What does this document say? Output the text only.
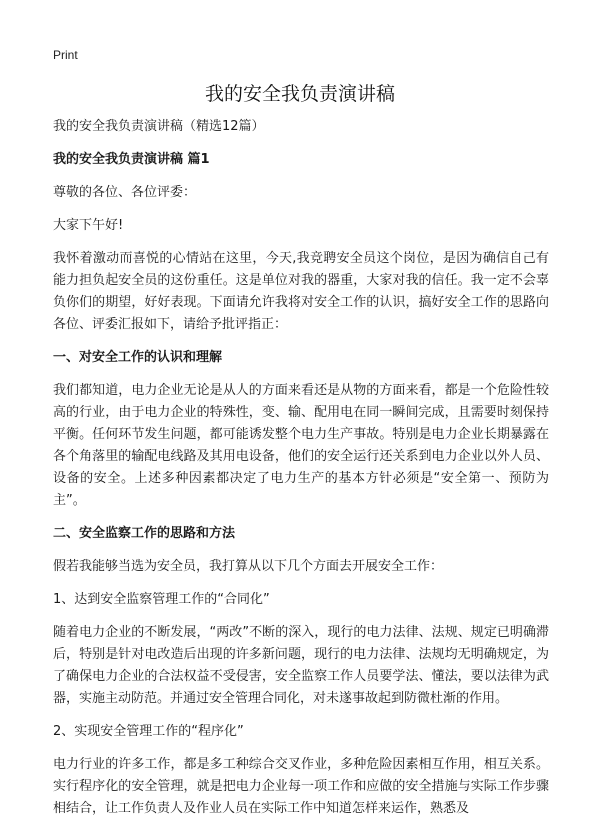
Print
我的安全我负责演讲稿

我的安全我负责演讲稿（精选12篇）

我的安全我负责演讲稿 篇1

尊敬的各位、各位评委：

大家下午好!

我怀着激动而喜悦的心情站在这里，今天,我竞聘安全员这个岗位，是因为确信自己有能力担负起安全员的这份重任。这是单位对我的器重，大家对我的信任。我一定不会辜负你们的期望，好好表现。下面请允许我将对安全工作的认识，搞好安全工作的思路向各位、评委汇报如下，请给予批评指正：

一、对安全工作的认识和理解

我们都知道，电力企业无论是从人的方面来看还是从物的方面来看，都是一个危险性较高的行业，由于电力企业的特殊性，变、输、配用电在同一瞬间完成，且需要时刻保持平衡。任何环节发生问题，都可能诱发整个电力生产事故。特别是电力企业长期暴露在各个角落里的输配电线路及其用电设备，他们的安全运行还关系到电力企业以外人员、设备的安全。上述多种因素都决定了电力生产的基本方针必须是“安全第一、预防为主”。

二、安全监察工作的思路和方法

假若我能够当选为安全员，我打算从以下几个方面去开展安全工作：

1、达到安全监察管理工作的“合同化”

随着电力企业的不断发展，“两改”不断的深入，现行的电力法律、法规、规定已明确滞后，特别是针对电改造后出现的许多新问题，现行的电力法律、法规均无明确规定，为了确保电力企业的合法权益不受侵害，安全监察工作人员要学法、懂法，要以法律为武器，实施主动防范。并通过安全管理合同化，对未遂事故起到防微杜渐的作用。

2、实现安全管理工作的“程序化”

电力行业的许多工作，都是多工种综合交叉作业，多种危险因素相互作用，相互关系。实行程序化的安全管理，就是把电力企业每一项工作和应做的安全措施与实际工作步骤相结合，让工作负责人及作业人员在实际工作中知道怎样来运作，熟悉及
